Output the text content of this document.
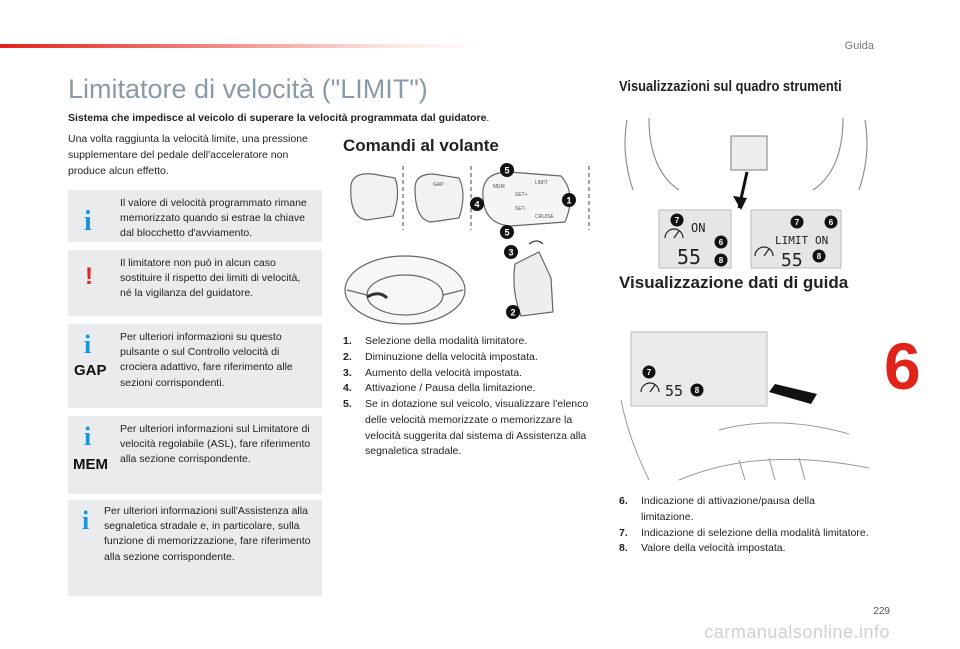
Guida
6
229
carmanualsonline.info
Limitatore di velocità ("LIMIT")

Sistema che impedisce al veicolo di superare la velocità programmata dal guidatore.

Una volta raggiunta la velocità limite, una pressione supplementare del pedale dell'acceleratore non produce alcun effetto.

i
Il valore di velocità programmato rimane memorizzato quando si estrae la chiave dal blocchetto d'avviamento.
!	Il limitatore non può in alcun caso sostituire il rispetto dei limiti di velocità, né la vigilanza del guidatore.
i
GAP
Per ulteriori informazioni su questo pulsante o sul Controllo velocità di crociera adattivo, fare riferimento alle sezioni corrispondenti.
i
MEM
Per ulteriori informazioni sul Limitatore di velocità regolabile (ASL), fare riferimento alla sezione corrispondente.
i Per ulteriori informazioni sull'Assistenza alla segnaletica stradale e, in particolare, sulla funzione di memorizzazione, fare riferimento alla sezione corrispondente.
Comandi al volante
GAP	MEM
SET+
SET-
LIMIT
CRUISE
1
2
3
4
5
5
1. Selezione della modalità limitatore.
2. Diminuzione della velocità impostata.
3. Aumento della velocità impostata.
4. Attivazione / Pausa della limitazione.
5. Se in dotazione sul veicolo, visualizzare l'elenco delle velocità memorizzate o memorizzare la velocità suggerita dal sistema di Assistenza alla segnaletica stradale.
Visualizzazioni sul quadro strumenti
ON
55
LIMIT ON
55
7
6
8
7	6
8
Visualizzazione dati di guida
55
7
8
6. Indicazione di attivazione/pausa della limitazione.
7. Indicazione di selezione della modalità limitatore.
8. Valore della velocità impostata.
